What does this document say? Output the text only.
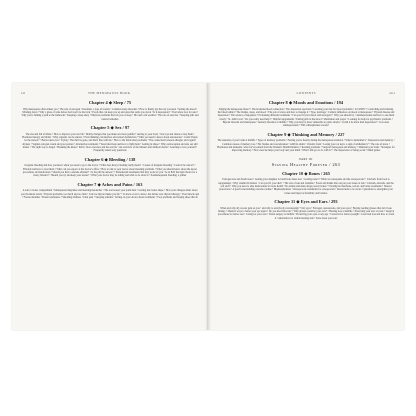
xii	THE MENOPAUSE BOOK

Chapter 4 ◆ Sleep / 75

Why menopause often strikes you • The role of estrogen • Insomnia, a type of trouble • Common sleep disorders • How to finally get the rest you need • Setting the mood • Winding down • Why a glass of wine before bed won't do the trick • Foods that can keep you up and ones that settle you down • Is it depression? • You before bed, for sure? Why you're fuming a path to the bathroom • Keeping a sleep diary • Physical problems that rob you of sleep • Hot and cold weather • The role of exercise • Sleeping pills and natural remedies

Chapter 5 ◆ Sex / 97

The rise and fall of libido • How to improve your sex life • Bodily changes that you make sex more painful • Getting to your body • Sex toys and where to buy them • Hormone therapy and libido • Why orgasms can be elusive • Even thinking can interfere and sexual dysfunction • What you need to know about testosterone • Could Viagra be the answer? • Better ideas ever • Trying • The thrill is gone, and that's fine with me • How to the lubrication problems • The connection between allergies and vaginal dryness • Vaginal estrogen cream and your partner • Alternative treatments • Yeast infections and how to fight them • Getting in shape • Why contraception and safe sex still matter • The right way to Kegel • Breaking the Rules • Pelvic floor exercises and the sex life • An overview of the Masters and Johnson model • Learning to love yourself • Frequently asked sexy questions

Chapter 6 ◆ Bleeding / 138

Irregular bleeding and how you know when you need to go to the doctor • What does heavy bleeding really mean? • Causes of irregular bleeding • Could it be cancer? • Fibroids and how to treat them • What can you expect at the doctor's office • How to talk to your doctor about bleeding problems • What you should know about the newer procedures and medication • Should you have a uterine ablation? • Is the pill the answer? • Endometrial treatments that may work for you • Is an IUD the right choice for a heavy bleeder? • Should you try and keep your uterus? • What your doctor may be telling and what to do about it • Postmenopausal bleeding: a primer

Chapter 7 ◆ Aches and Pains / 163

A tour to bones compendium • Menopausal migraines and morning headaches • The real reason your joints hurt • Getting into better shape • How your changes smart about your hormone levels • Thyroid problems, too much and too little • Can low thyroid make you fat? • To more or not to move, the debate over thyroid therapy • Your muscle and • Frozen shoulder • Breast tenderness • Shedding stiffness • Joint pain • Sleeping arthritis • Lifting on your doctor about treatments • Foot problems and buying shoes that fit

CONTENTS	xiii

Chapter 8 ◆ Moods and Emotions / 194

Singing the menopause blues? • The hormone/mood connection • The depression spectrum • Learning your risk for mood problems • Is it PMS? • Controlling and irritating the blues behind • The flashes, sleep, and mood • The role of stress and how to manage it • Type, marriage • Cultural influences on mood at menopause • Thyroid disease and depression • The science of happiness • Evaluating different treatments • Can you fill your mood with estrogen? • Why you should try • Antidepressants and how to use them wisely • St. John's wort • Do you really need help? • Helpful supplements • Putting pills in the mood • Meditation and prayer • Looking for help for psychiatric problems • Bipolar disorder and menopause • Anxiety disorders at midlife • Why you may be more vulnerable to panic attacks • Could it be more than depression? • Low-dose antidepressants • Will schizophrenia worsen?

Chapter 9 ◆ Thinking and Memory / 227

The anatomy of your brain at midlife • Types of memory problems • Feeling you're fuzzily during the menopause transition • What is Alzheimer's • Depression and memory • Common causes of memory loss • Hot flashes and concentration • ADD in adults • Chronic brain • Losing your car keys: a sign of Alzheimer's? • The role of stress • Hormones and dementia: what we've learned from the Women's Health Initiative • Reading problems • Surgical menopause and memory • Maintain your brain • Strategies for improving memory • How exercise helps your body and your mind • What's this got to do with it? • The importance of being social • Mind games

PART III
Staying Healthy Forever / 263

Chapter 10 ◆ Bones / 265

Estrogen loss and fresh bones • Getting your daughter to build bone mass now • Getting tested • What's an osteopenia and the osteoporosis? • Calcium: from food to supplements • Why vitamin D matters • Can you fix your diet? • The role of sun and vitamins • Foods and drinks that can put your bones at risk • Calcium, antacids, and the soft stuff • Why you need to take medications for bone health • Do statins and sinus drugs protect bones? • Parathyroid hormone, reclast, and better treatments • Natural protections • A good bone-building exercise routine • Bisphosphonates • Osteoporosis treatments for osteoporosis • Interactions to be aware • Questions to strengthen your bones and improve flexibility and balance

Chapter 11 ◆ Eyes and Ears / 293

When and why dry sweats gain on you • and why to everybody oversleeping? • Dry eyes • Estrogen, testosterone, and your eyes • Buying reading glasses that don't look frumpy • Medical ways to better your eye agent • Do you need bifocals? • Why glasses could be your ears? • Hearing loss at midlife • Protecting your ears at work • Surgical procedures for better ears • Caring for your ears • Vision surgery at midlife • Protecting your eyes at any age • Cataracts for better eyesight • Laser hair loss and how to avoid it • Alternatives to visible hearing aids • Tests about your ears
